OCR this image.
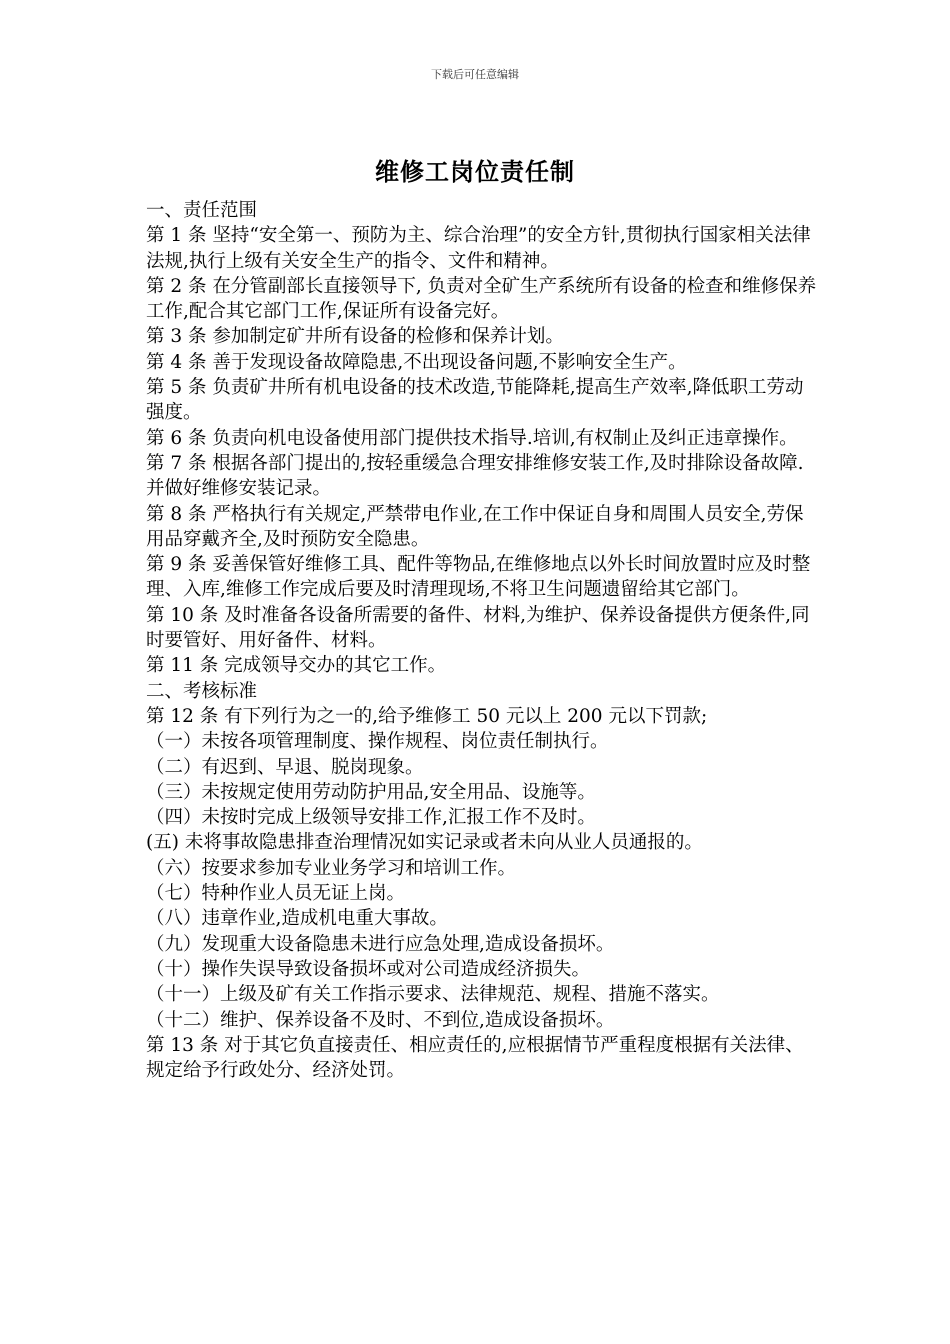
下载后可任意编辑
维修工岗位责任制

一、责任范围

第 1 条 坚持“安全第一、预防为主、综合治理”的安全方针,贯彻执行国家相关法律法规,执行上级有关安全生产的指令、文件和精神。

第 2 条 在分管副部长直接领导下, 负责对全矿生产系统所有设备的检查和维修保养工作,配合其它部门工作,保证所有设备完好。

第 3 条 参加制定矿井所有设备的检修和保养计划。

第 4 条 善于发现设备故障隐患,不出现设备问题,不影响安全生产。

第 5 条 负责矿井所有机电设备的技术改造,节能降耗,提高生产效率,降低职工劳动强度。

第 6 条 负责向机电设备使用部门提供技术指导.培训,有权制止及纠正违章操作。

第 7 条 根据各部门提出的,按轻重缓急合理安排维修安装工作,及时排除设备故障.并做好维修安装记录。

第 8 条 严格执行有关规定,严禁带电作业,在工作中保证自身和周围人员安全,劳保用品穿戴齐全,及时预防安全隐患。

第 9 条 妥善保管好维修工具、配件等物品,在维修地点以外长时间放置时应及时整理、入库,维修工作完成后要及时清理现场,不将卫生问题遗留给其它部门。

第 10 条 及时准备各设备所需要的备件、材料,为维护、保养设备提供方便条件,同时要管好、用好备件、材料。

第 11 条 完成领导交办的其它工作。

二、考核标准

第 12 条 有下列行为之一的,给予维修工 50 元以上 200 元以下罚款;

（一）未按各项管理制度、操作规程、岗位责任制执行。

（二）有迟到、早退、脱岗现象。

（三）未按规定使用劳动防护用品,安全用品、设施等。

（四）未按时完成上级领导安排工作,汇报工作不及时。

(五) 未将事故隐患排查治理情况如实记录或者未向从业人员通报的。

（六）按要求参加专业业务学习和培训工作。

（七）特种作业人员无证上岗。

（八）违章作业,造成机电重大事故。

（九）发现重大设备隐患未进行应急处理,造成设备损坏。

（十）操作失误导致设备损坏或对公司造成经济损失。

（十一）上级及矿有关工作指示要求、法律规范、规程、措施不落实。

（十二）维护、保养设备不及时、不到位,造成设备损坏。

第 13 条 对于其它负直接责任、相应责任的,应根据情节严重程度根据有关法律、规定给予行政处分、经济处罚。
